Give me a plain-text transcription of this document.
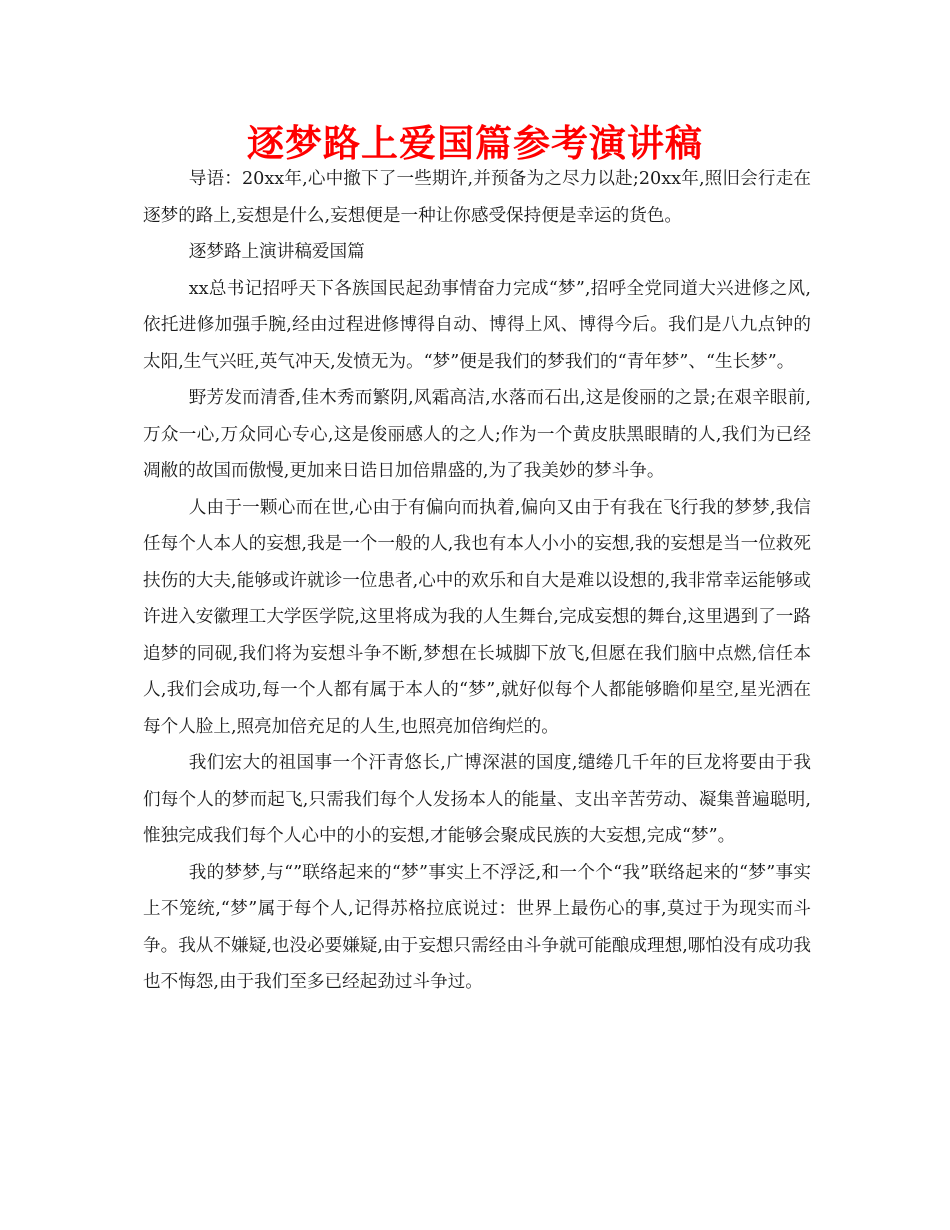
逐梦路上爱国篇参考演讲稿

导语：20xx年,心中撤下了一些期许,并预备为之尽力以赴;20xx年,照旧会行走在逐梦的路上,妄想是什么,妄想便是一种让你感受保持便是幸运的货色。

逐梦路上演讲稿爱国篇

xx总书记招呼天下各族国民起劲事情奋力完成“梦”,招呼全党同道大兴进修之风,依托进修加强手腕,经由过程进修博得自动、博得上风、博得今后。我们是八九点钟的太阳,生气兴旺,英气冲天,发愤无为。“梦”便是我们的梦我们的“青年梦”、“生长梦”。

野芳发而清香,佳木秀而繁阴,风霜高洁,水落而石出,这是俊丽的之景;在艰辛眼前,万众一心,万众同心专心,这是俊丽感人的之人;作为一个黄皮肤黑眼睛的人,我们为已经凋敝的故国而傲慢,更加来日诰日加倍鼎盛的,为了我美妙的梦斗争。

人由于一颗心而在世,心由于有偏向而执着,偏向又由于有我在飞行我的梦梦,我信任每个人本人的妄想,我是一个一般的人,我也有本人小小的妄想,我的妄想是当一位救死扶伤的大夫,能够或许就诊一位患者,心中的欢乐和自大是难以设想的,我非常幸运能够或许进入安徽理工大学医学院,这里将成为我的人生舞台,完成妄想的舞台,这里遇到了一路追梦的同砚,我们将为妄想斗争不断,梦想在长城脚下放飞,但愿在我们脑中点燃,信任本人,我们会成功,每一个人都有属于本人的“梦”,就好似每个人都能够瞻仰星空,星光洒在每个人脸上,照亮加倍充足的人生,也照亮加倍绚烂的。

我们宏大的祖国事一个汗青悠长,广博深湛的国度,缱绻几千年的巨龙将要由于我们每个人的梦而起飞,只需我们每个人发扬本人的能量、支出辛苦劳动、凝集普遍聪明,惟独完成我们每个人心中的小的妄想,才能够会聚成民族的大妄想,完成“梦”。

我的梦梦,与“”联络起来的“梦”事实上不浮泛,和一个个“我”联络起来的“梦”事实上不笼统,“梦”属于每个人,记得苏格拉底说过：世界上最伤心的事,莫过于为现实而斗争。我从不嫌疑,也没必要嫌疑,由于妄想只需经由斗争就可能酿成理想,哪怕没有成功我也不悔怨,由于我们至多已经起劲过斗争过。
